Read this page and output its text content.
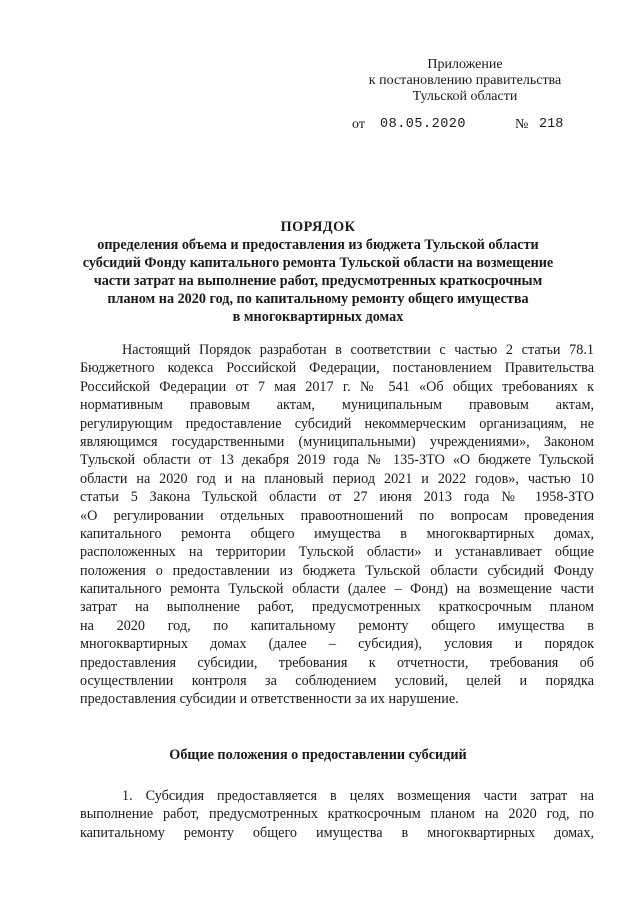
Приложение
к постановлению правительства
Тульской области
от 08.05.2020	№ 218
ПОРЯДОК
определения объема и предоставления из бюджета Тульской области
субсидий Фонду капитального ремонта Тульской области на возмещение
части затрат на выполнение работ, предусмотренных краткосрочным
планом на 2020 год, по капитальному ремонту общего имущества
в многоквартирных домах
Настоящий Порядок разработан в соответствии с частью 2 статьи 78.1
Бюджетного кодекса Российской Федерации, постановлением Правительства
Российской Федерации от 7 мая 2017 г. № 541 «Об общих требованиях к
нормативным правовым актам, муниципальным правовым актам,
регулирующим предоставление субсидий некоммерческим организациям, не
являющимся государственными (муниципальными) учреждениями», Законом
Тульской области от 13 декабря 2019 года № 135-ЗТО «О бюджете Тульской
области на 2020 год и на плановый период 2021 и 2022 годов», частью 10
статьи 5 Закона Тульской области от 27 июня 2013 года № 1958-ЗТО
«О регулировании отдельных правоотношений по вопросам проведения
капитального ремонта общего имущества в многоквартирных домах,
расположенных на территории Тульской области» и устанавливает общие
положения о предоставлении из бюджета Тульской области субсидий Фонду
капитального ремонта Тульской области (далее – Фонд) на возмещение части
затрат на выполнение работ, предусмотренных краткосрочным планом
на 2020 год, по капитальному ремонту общего имущества в
многоквартирных домах (далее – субсидия), условия и порядок
предоставления субсидии, требования к отчетности, требования об
осуществлении контроля за соблюдением условий, целей и порядка
предоставления субсидии и ответственности за их нарушение.
Общие положения о предоставлении субсидий
1. Субсидия предоставляется в целях возмещения части затрат на
выполнение работ, предусмотренных краткосрочным планом на 2020 год, по
капитальному ремонту общего имущества в многоквартирных домах,
